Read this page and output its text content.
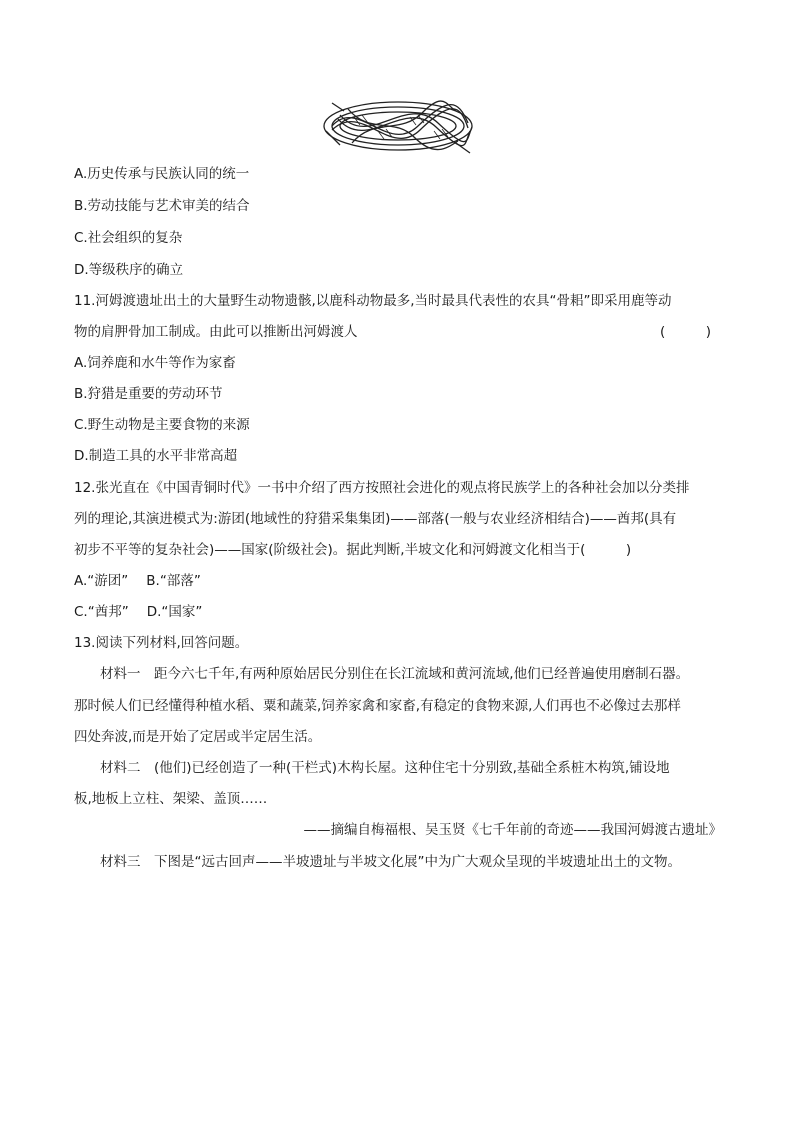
A.历史传承与民族认同的统一
B.劳动技能与艺术审美的结合
C.社会组织的复杂
D.等级秩序的确立
11.河姆渡遗址出土的大量野生动物遗骸,以鹿科动物最多,当时最具代表性的农具“骨耜”即采用鹿等动
物的肩胛骨加工制成。由此可以推断出河姆渡人	(　　　)
A.饲养鹿和水牛等作为家畜
B.狩猎是重要的劳动环节
C.野生动物是主要食物的来源
D.制造工具的水平非常高超
12.张光直在《中国青铜时代》一书中介绍了西方按照社会进化的观点将民族学上的各种社会加以分类排
列的理论,其演进模式为:游团(地域性的狩猎采集集团)——部落(一般与农业经济相结合)——酋邦(具有
初步不平等的复杂社会)——国家(阶级社会)。据此判断,半坡文化和河姆渡文化相当于(　　　)
A.“游团” B.“部落”
C.“酋邦” D.“国家”
13.阅读下列材料,回答问题。
材料一　距今六七千年,有两种原始居民分别住在长江流域和黄河流域,他们已经普遍使用磨制石器。
那时候人们已经懂得种植水稻、粟和蔬菜,饲养家禽和家畜,有稳定的食物来源,人们再也不必像过去那样
四处奔波,而是开始了定居或半定居生活。
材料二　(他们)已经创造了一种(干栏式)木构长屋。这种住宅十分别致,基础全系桩木构筑,铺设地
板,地板上立柱、架梁、盖顶……
——摘编自梅福根、吴玉贤《七千年前的奇迹——我国河姆渡古遗址》
材料三　下图是“远古回声——半坡遗址与半坡文化展”中为广大观众呈现的半坡遗址出土的文物。
